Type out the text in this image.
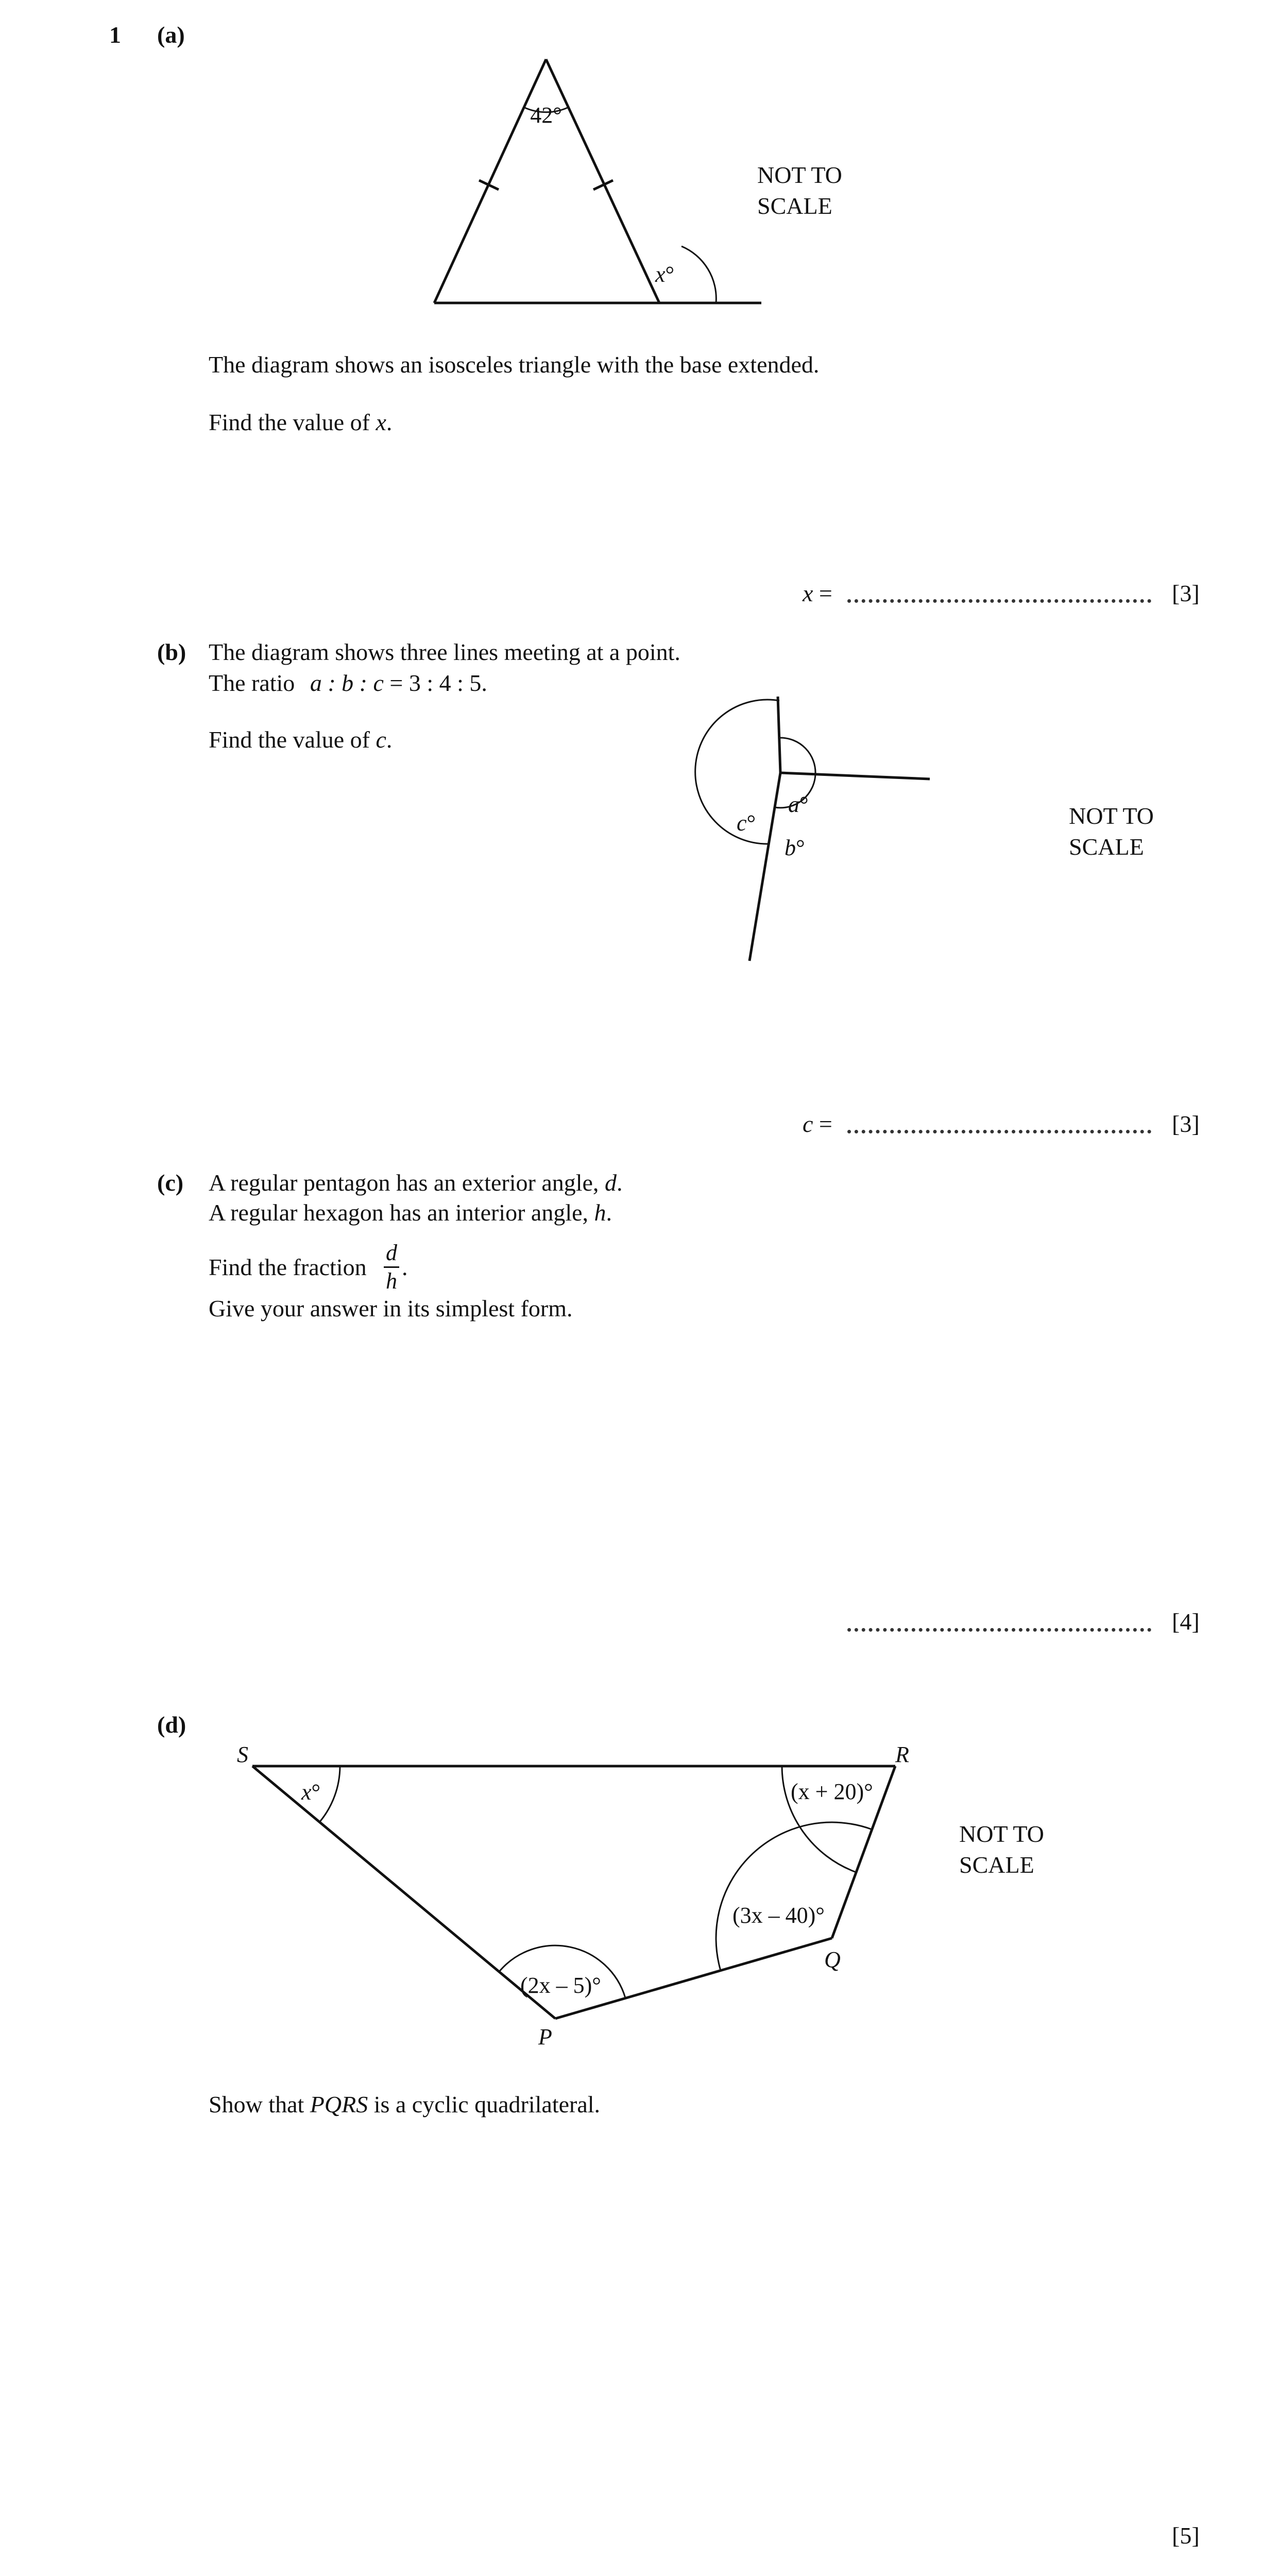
1 (a)
42°
x°
NOT TO
SCALE
The diagram shows an isosceles triangle with the base extended.
Find the value of x.
x =	[3]
(b) The diagram shows three lines meeting at a point.
The ratio a : b : c = 3 : 4 : 5.
Find the value of c.
a°
b°
c°	NOT TO
SCALE
c =	[3]
(c) A regular pentagon has an exterior angle, d.
A regular hexagon has an interior angle, h.
Find the fraction
d
h
.
Give your answer in its simplest form.
[4]
(d)
S	R
Q
P
x°	(x + 20)°
(3x – 40)°
(2x – 5)°
NOT TO
SCALE
Show that PQRS is a cyclic quadrilateral.
[5]
